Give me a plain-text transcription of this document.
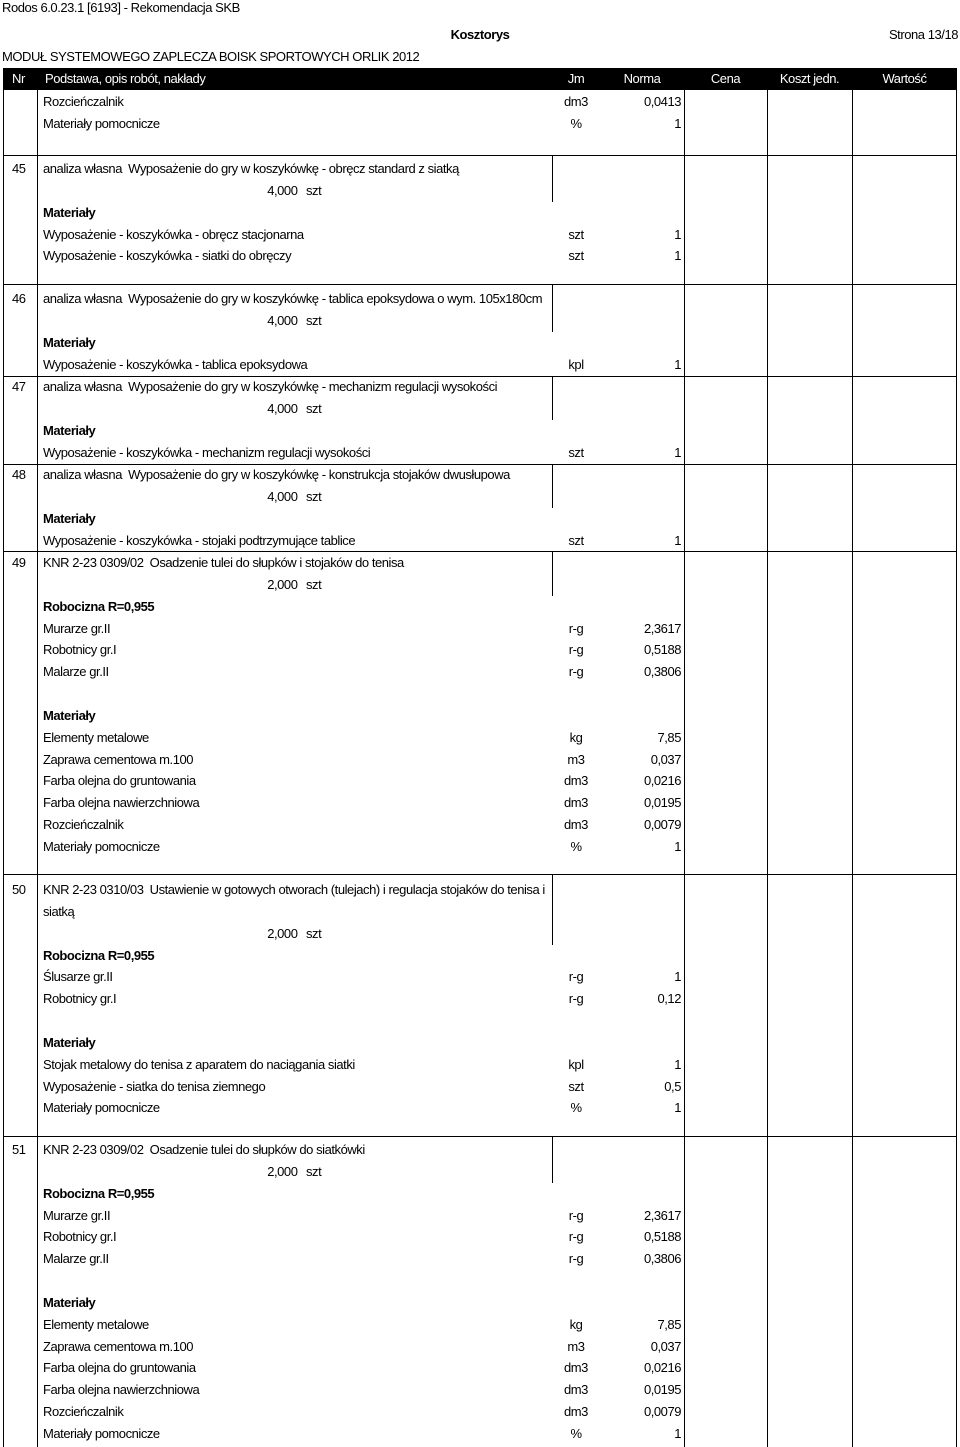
Rodos 6.0.23.1 [6193] - Rekomendacja SKB
Kosztorys	Strona 13/18
MODUŁ SYSTEMOWEGO ZAPLECZA BOISK SPORTOWYCH ORLIK 2012
Nr Podstawa, opis robót, nakłady	Jm	Norma	Cena	Koszt jedn.	Wartość
Rozcieńczalnik	dm3	0,0413
Materiały pomocnicze	%	1
45 analiza własna Wyposażenie do gry w koszykówkę - obręcz standard z siatką
4,000 szt
Materiały
Wyposażenie - koszykówka - obręcz stacjonarna	szt	1
Wyposażenie - koszykówka - siatki do obręczy	szt	1
46 analiza własna Wyposażenie do gry w koszykówkę - tablica epoksydowa o wym. 105x180cm
4,000 szt
Materiały
Wyposażenie - koszykówka - tablica epoksydowa	kpl	1
47 analiza własna Wyposażenie do gry w koszykówkę - mechanizm regulacji wysokości
4,000 szt
Materiały
Wyposażenie - koszykówka - mechanizm regulacji wysokości	szt	1
48 analiza własna Wyposażenie do gry w koszykówkę - konstrukcja stojaków dwusłupowa
4,000 szt
Materiały
Wyposażenie - koszykówka - stojaki podtrzymujące tablice	szt	1
49 KNR 2-23 0309/02 Osadzenie tulei do słupków i stojaków do tenisa
2,000 szt
Robocizna R=0,955
Murarze gr.II	r-g	2,3617
Robotnicy gr.I	r-g	0,5188
Malarze gr.II	r-g	0,3806
Materiały
Elementy metalowe	kg	7,85
Zaprawa cementowa m.100	m3	0,037
Farba olejna do gruntowania	dm3	0,0216
Farba olejna nawierzchniowa	dm3	0,0195
Rozcieńczalnik	dm3	0,0079
Materiały pomocnicze	%	1
50 KNR 2-23 0310/03 Ustawienie w gotowych otworach (tulejach) i regulacja stojaków do tenisa i siatką
2,000 szt
Robocizna R=0,955
Ślusarze gr.II	r-g	1
Robotnicy gr.I	r-g	0,12
Materiały
Stojak metalowy do tenisa z aparatem do naciągania siatki	kpl	1
Wyposażenie - siatka do tenisa ziemnego	szt	0,5
Materiały pomocnicze	%	1
51 KNR 2-23 0309/02 Osadzenie tulei do słupków do siatkówki
2,000 szt
Robocizna R=0,955
Murarze gr.II	r-g	2,3617
Robotnicy gr.I	r-g	0,5188
Malarze gr.II	r-g	0,3806
Materiały
Elementy metalowe	kg	7,85
Zaprawa cementowa m.100	m3	0,037
Farba olejna do gruntowania	dm3	0,0216
Farba olejna nawierzchniowa	dm3	0,0195
Rozcieńczalnik	dm3	0,0079
Materiały pomocnicze	%	1
